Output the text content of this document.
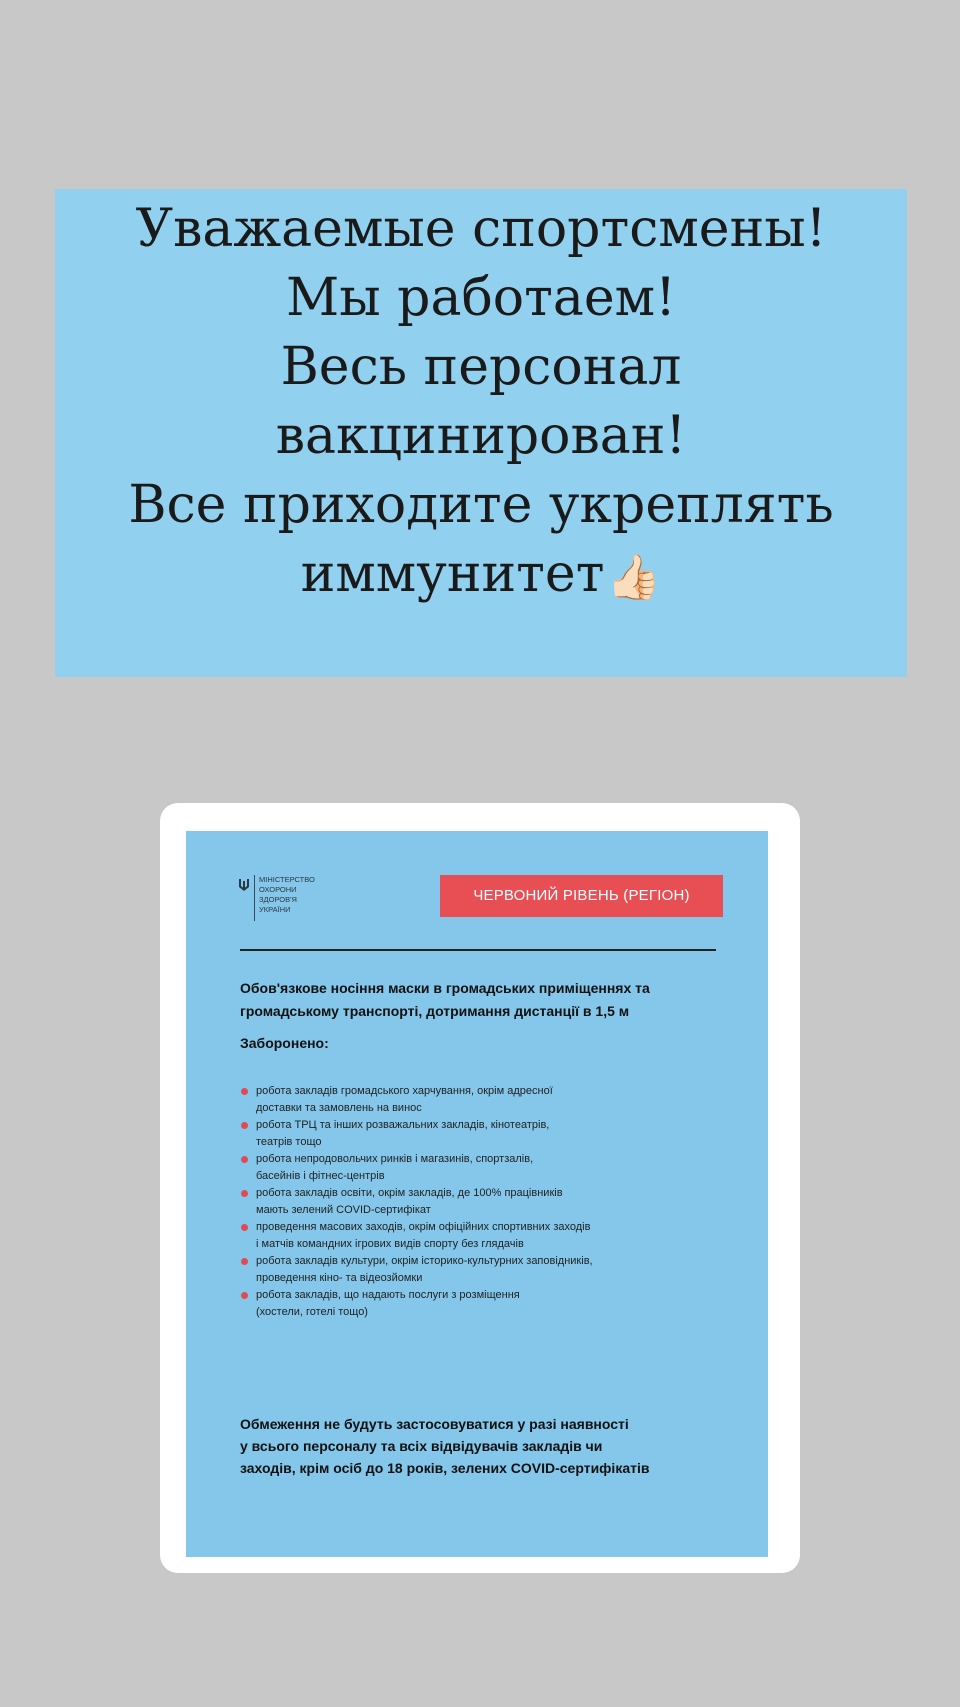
Уважаемые спортсмены!
Мы работаем!
Весь персонал
вакцинирован!
Все приходите укреплять
иммунитет👍🏻
МІНІСТЕРСТВО
ОХОРОНИ
ЗДОРОВ'Я
УКРАЇНИ
ЧЕРВОНИЙ РІВЕНЬ (РЕГІОН)
Обов'язкове носіння маски в громадських приміщеннях та
громадському транспорті, дотримання дистанції в 1,5 м
Заборонено:
робота закладів громадського харчування, окрім адресної
доставки та замовлень на винос
робота ТРЦ та інших розважальних закладів, кінотеатрів,
театрів тощо
робота непродовольчих ринків і магазинів, спортзалів,
басейнів і фітнес-центрів
робота закладів освіти, окрім закладів, де 100% працівників
мають зелений COVID-сертифікат
проведення масових заходів, окрім офіційних спортивних заходів
і матчів командних ігрових видів спорту без глядачів
робота закладів культури, окрім історико-культурних заповідників,
проведення кіно- та відеозйомки
робота закладів, що надають послуги з розміщення
(хостели, готелі тощо)
Обмеження не будуть застосовуватися у разі наявності
у всього персоналу та всіх відвідувачів закладів чи
заходів, крім осіб до 18 років, зелених COVID-сертифікатів
